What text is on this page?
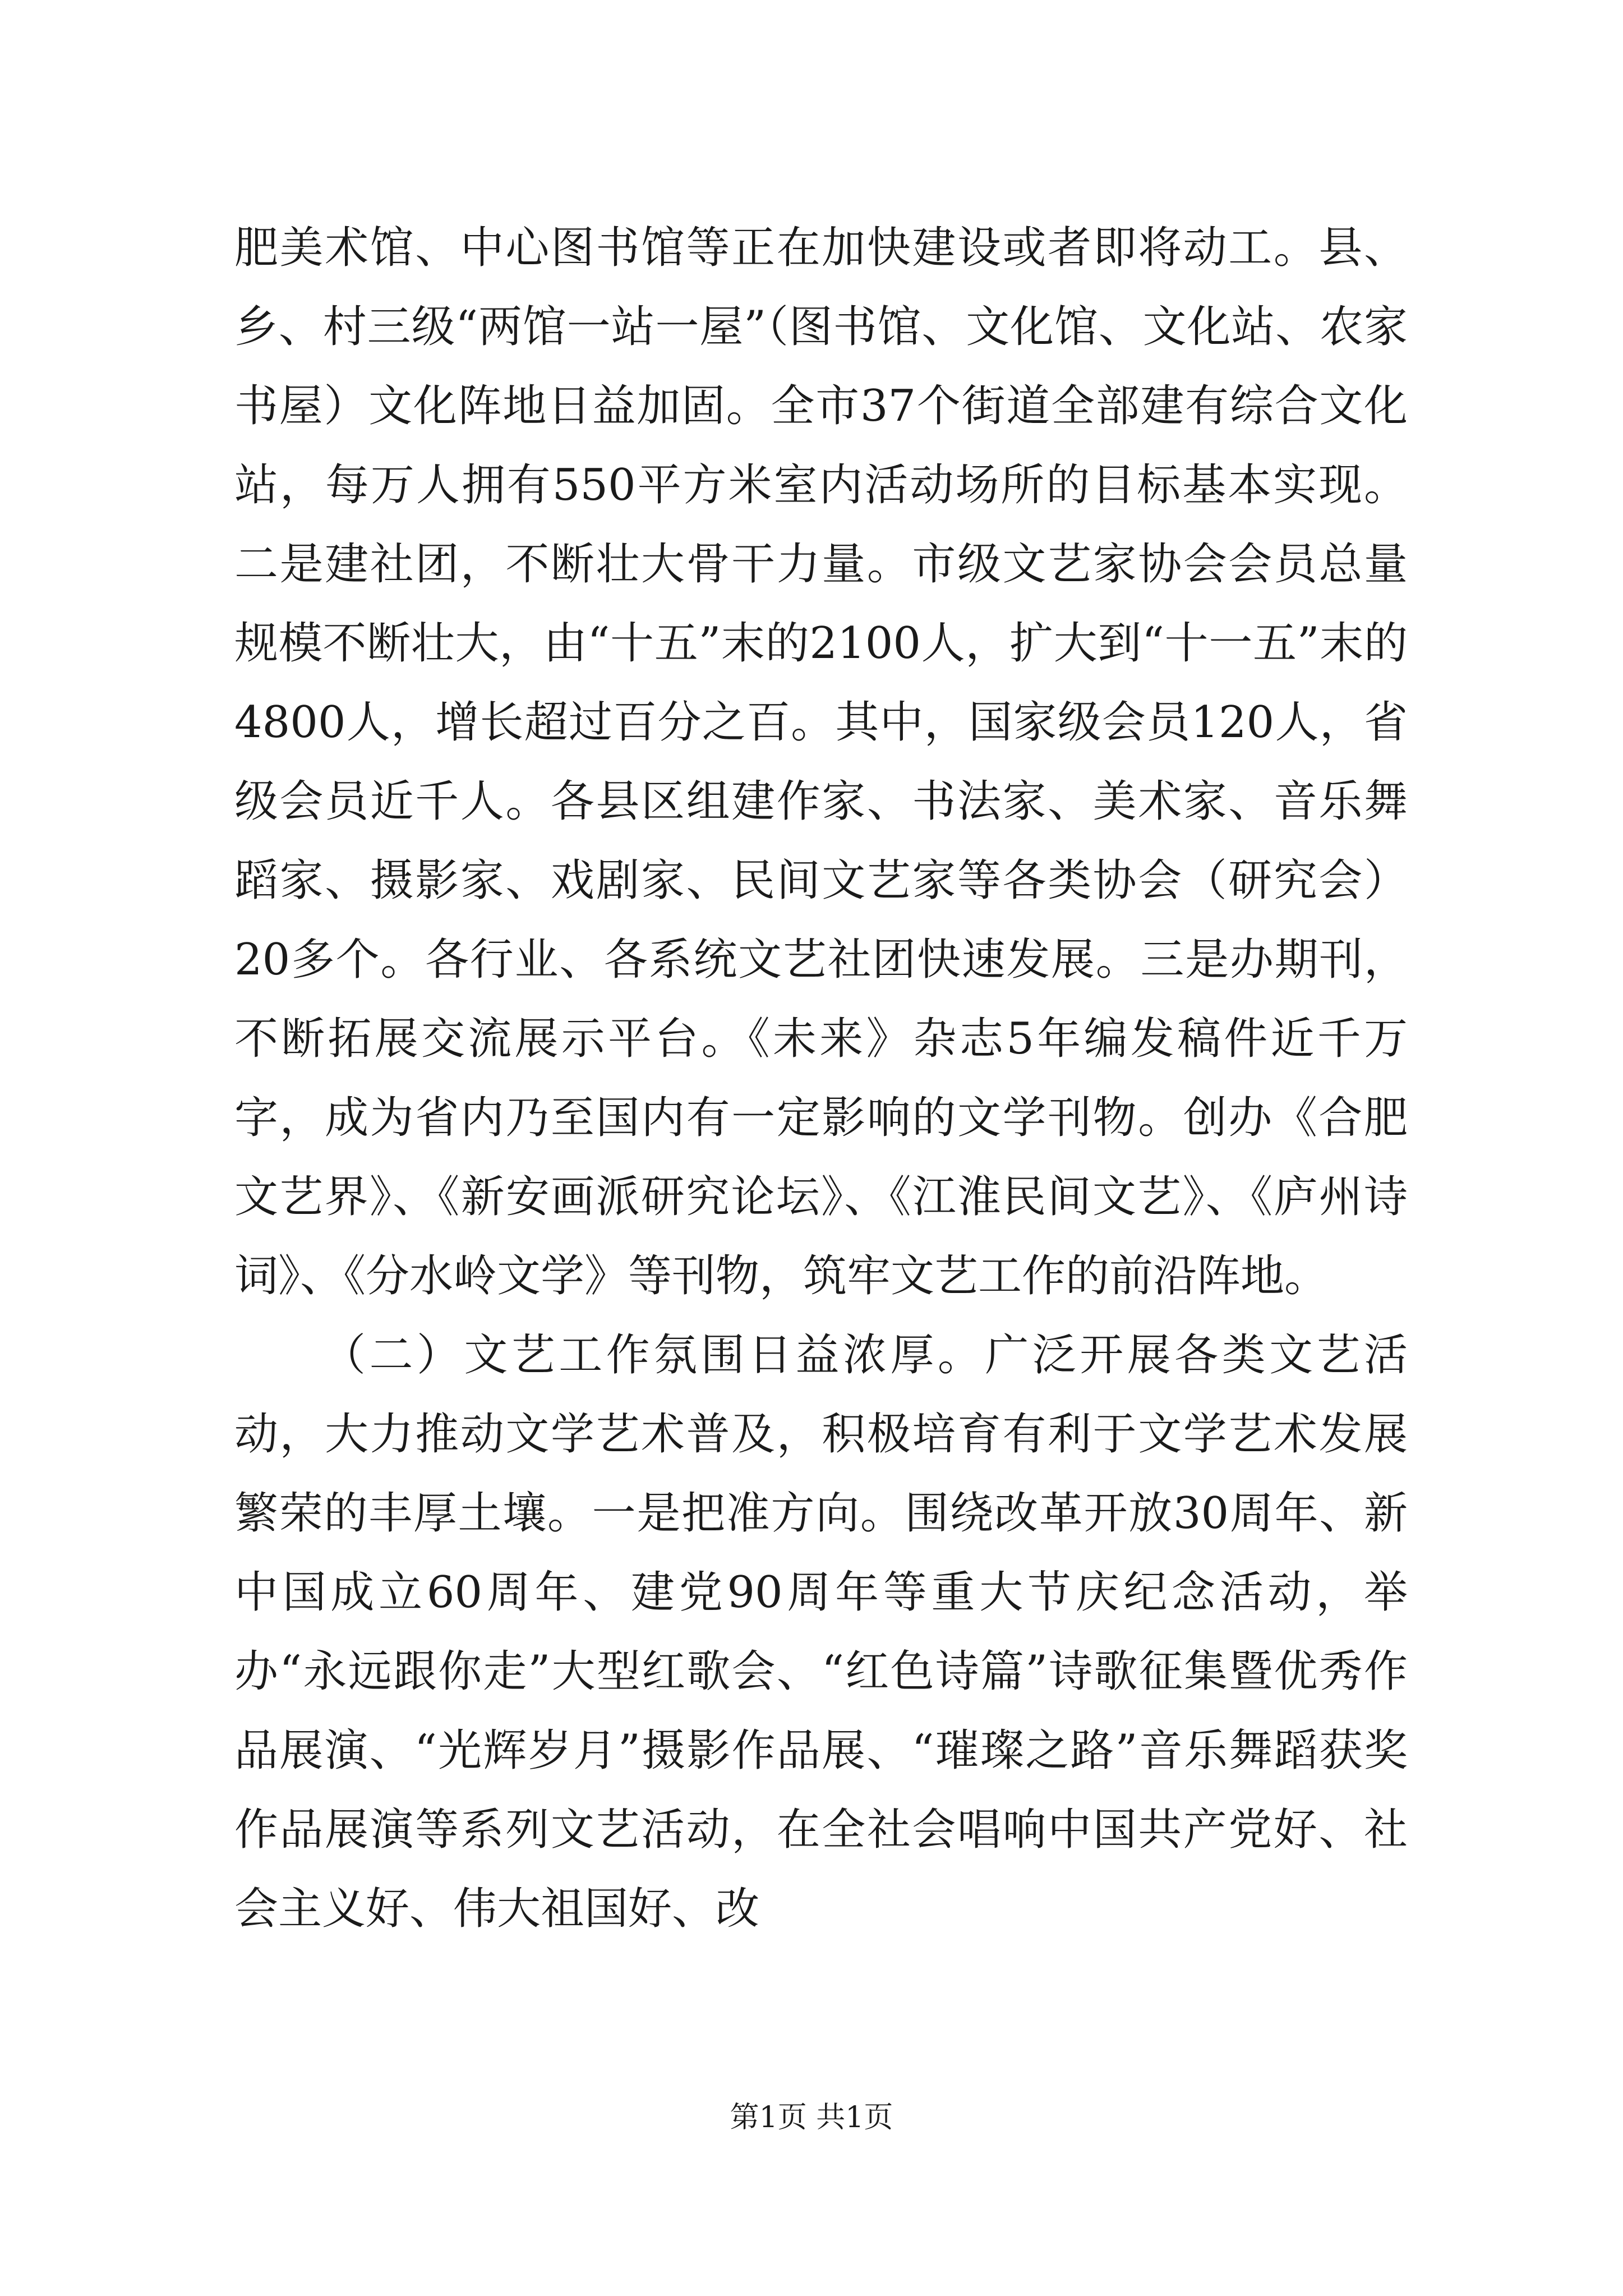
肥美术馆、中心图书馆等正在加快建设或者即将动工。县、乡、村三级“两馆一站一屋”（图书馆、文化馆、文化站、农家书屋）文化阵地日益加固。全市37个街道全部建有综合文化站，每万人拥有550平方米室内活动场所的目标基本实现。二是建社团，不断壮大骨干力量。市级文艺家协会会员总量规模不断壮大，由“十五”末的2100人，扩大到“十一五”末的4800人，增长超过百分之百。其中，国家级会员120人，省级会员近千人。各县区组建作家、书法家、美术家、音乐舞蹈家、摄影家、戏剧家、民间文艺家等各类协会（研究会）20多个。各行业、各系统文艺社团快速发展。三是办期刊，不断拓展交流展示平台。《未来》杂志5年编发稿件近千万字，成为省内乃至国内有一定影响的文学刊物。创办《合肥文艺界》、《新安画派研究论坛》、《江淮民间文艺》、《庐州诗词》、《分水岭文学》等刊物，筑牢文艺工作的前沿阵地。

（二）文艺工作氛围日益浓厚。广泛开展各类文艺活动，大力推动文学艺术普及，积极培育有利于文学艺术发展繁荣的丰厚土壤。一是把准方向。围绕改革开放30周年、新中国成立60周年、建党90周年等重大节庆纪念活动，举办“永远跟你走”大型红歌会、“红色诗篇”诗歌征集暨优秀作品展演、“光辉岁月”摄影作品展、“璀璨之路”音乐舞蹈获奖作品展演等系列文艺活动，在全社会唱响中国共产党好、社会主义好、伟大祖国好、改

第1页 共1页
